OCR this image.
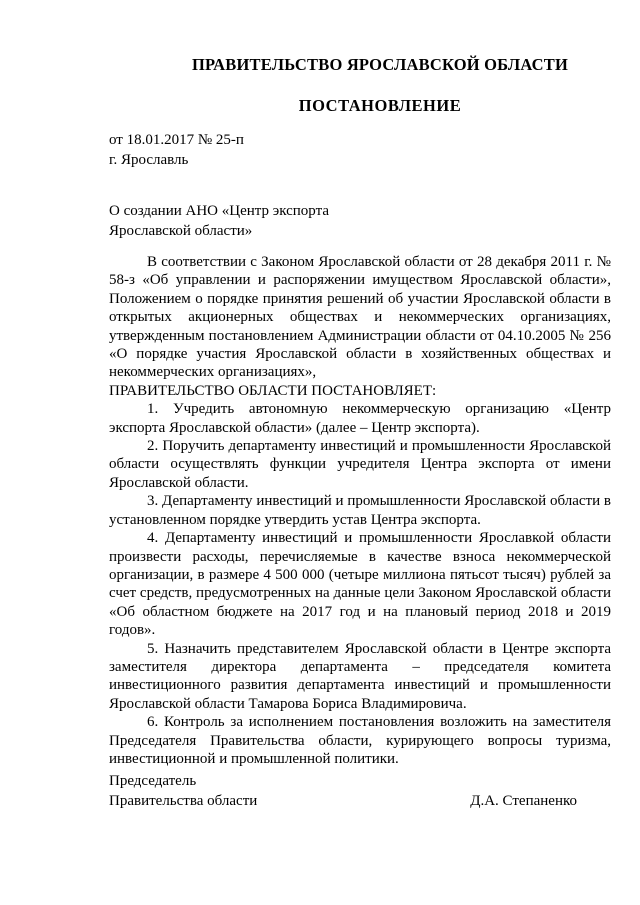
ПРАВИТЕЛЬСТВО ЯРОСЛАВСКОЙ ОБЛАСТИ
ПОСТАНОВЛЕНИЕ
от 18.01.2017 № 25-п
г. Ярославль
О создании АНО «Центр экспорта
Ярославской области»

В соответствии с Законом Ярославской области от 28 декабря 2011 г. № 58-з «Об управлении и распоряжении имуществом Ярославской области», Положением о порядке принятия решений об участии Ярославской области в открытых акционерных обществах и некоммерческих организациях, утвержденным постановлением Администрации области от 04.10.2005 № 256 «О порядке участия Ярославской области в хозяйственных обществах и некоммерческих организациях»,

ПРАВИТЕЛЬСТВО ОБЛАСТИ ПОСТАНОВЛЯЕТ:

1. Учредить автономную некоммерческую организацию «Центр экспорта Ярославской области» (далее – Центр экспорта).

2. Поручить департаменту инвестиций и промышленности Ярославской области осуществлять функции учредителя Центра экспорта от имени Ярославской области.

3. Департаменту инвестиций и промышленности Ярославской области в установленном порядке утвердить устав Центра экспорта.

4. Департаменту инвестиций и промышленности Ярославкой области произвести расходы, перечисляемые в качестве взноса некоммерческой организации, в размере 4 500 000 (четыре миллиона пятьсот тысяч) рублей за счет средств, предусмотренных на данные цели Законом Ярославской области «Об областном бюджете на 2017 год и на плановый период 2018 и 2019 годов».

5. Назначить представителем Ярославской области в Центре экспорта заместителя директора департамента – председателя комитета инвестиционного развития департамента инвестиций и промышленности Ярославской области Тамарова Бориса Владимировича.

6. Контроль за исполнением постановления возложить на заместителя Председателя Правительства области, курирующего вопросы туризма, инвестиционной и промышленной политики.

Председатель
Правительства области	Д.А. Степаненко
